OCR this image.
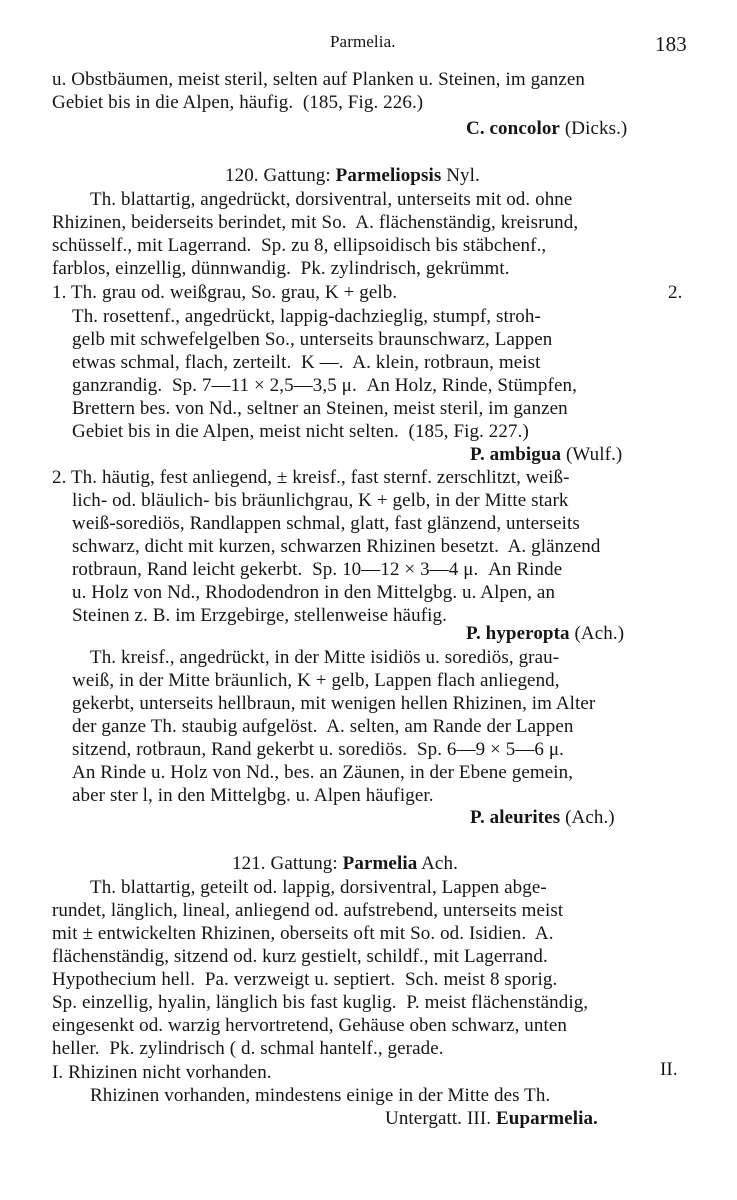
Parmelia.	183
u. Obstbäumen, meist steril, selten auf Planken u. Steinen, im ganzen
Gebiet bis in die Alpen, häufig.  (185, Fig. 226.)
C. concolor (Dicks.)
120. Gattung: Parmeliopsis Nyl.
Th. blattartig, angedrückt, dorsiventral, unterseits mit od. ohne
Rhizinen, beiderseits berindet, mit So.  A. flächenständig, kreisrund,
schüsself., mit Lagerrand.  Sp. zu 8, ellipsoidisch bis stäbchenf.,
farblos, einzellig, dünnwandig.  Pk. zylindrisch, gekrümmt.
1. Th. grau od. weißgrau, So. grau, K + gelb.	2.
Th. rosettenf., angedrückt, lappig-dachzieglig, stumpf, stroh-
gelb mit schwefelgelben So., unterseits braunschwarz, Lappen
etwas schmal, flach, zerteilt.  K —.  A. klein, rotbraun, meist
ganzrandig.  Sp. 7—11 × 2,5—3,5 μ.  An Holz, Rinde, Stümpfen,
Brettern bes. von Nd., seltner an Steinen, meist steril, im ganzen
Gebiet bis in die Alpen, meist nicht selten.  (185, Fig. 227.)
P. ambigua (Wulf.)
2. Th. häutig, fest anliegend, ± kreisf., fast sternf. zerschlitzt, weiß-
lich- od. bläulich- bis bräunlichgrau, K + gelb, in der Mitte stark
weiß-sorediös, Randlappen schmal, glatt, fast glänzend, unterseits
schwarz, dicht mit kurzen, schwarzen Rhizinen besetzt.  A. glänzend
rotbraun, Rand leicht gekerbt.  Sp. 10—12 × 3—4 μ.  An Rinde
u. Holz von Nd., Rhododendron in den Mittelgbg. u. Alpen, an
Steinen z. B. im Erzgebirge, stellenweise häufig.
P. hyperopta (Ach.)
Th. kreisf., angedrückt, in der Mitte isidiös u. sorediös, grau-
weiß, in der Mitte bräunlich, K + gelb, Lappen flach anliegend,
gekerbt, unterseits hellbraun, mit wenigen hellen Rhizinen, im Alter
der ganze Th. staubig aufgelöst.  A. selten, am Rande der Lappen
sitzend, rotbraun, Rand gekerbt u. sorediös.  Sp. 6—9 × 5—6 μ.
An Rinde u. Holz von Nd., bes. an Zäunen, in der Ebene gemein,
aber ster l, in den Mittelgbg. u. Alpen häufiger.
P. aleurites (Ach.)
121. Gattung: Parmelia Ach.
Th. blattartig, geteilt od. lappig, dorsiventral, Lappen abge-
rundet, länglich, lineal, anliegend od. aufstrebend, unterseits meist
mit ± entwickelten Rhizinen, oberseits oft mit So. od. Isidien.  A.
flächenständig, sitzend od. kurz gestielt, schildf., mit Lagerrand.
Hypothecium hell.  Pa. verzweigt u. septiert.  Sch. meist 8 sporig.
Sp. einzellig, hyalin, länglich bis fast kuglig.  P. meist flächenständig,
eingesenkt od. warzig hervortretend, Gehäuse oben schwarz, unten
heller.  Pk. zylindrisch ( d. schmal hantelf., gerade.
I. Rhizinen nicht vorhanden.	II.
Rhizinen vorhanden, mindestens einige in der Mitte des Th.
Untergatt. III. Euparmelia.
